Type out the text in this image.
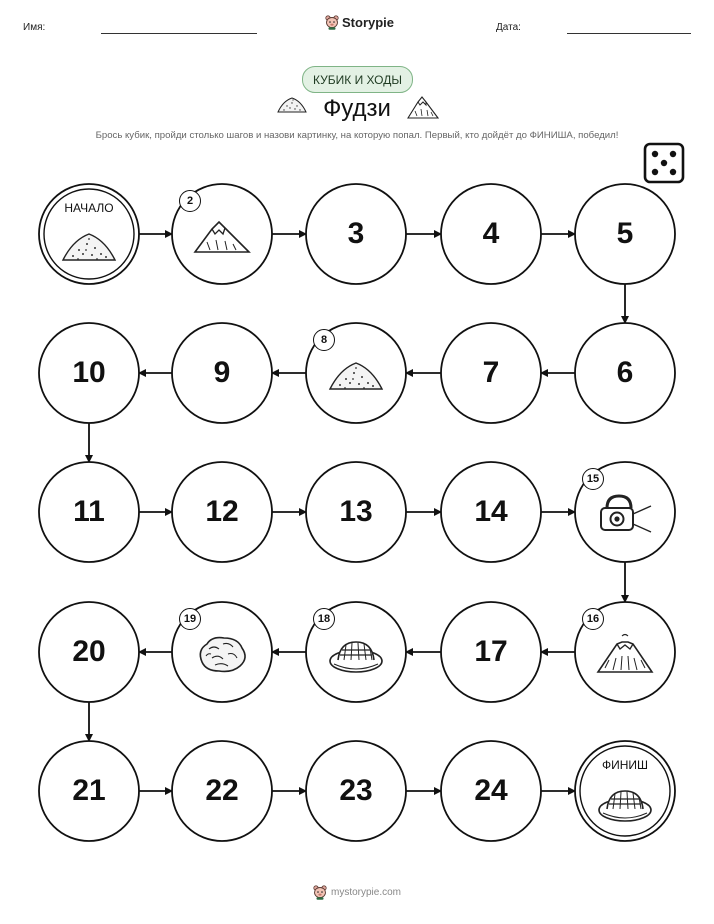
Имя:	Storypie	Дата:
КУБИК И ХОДЫ
Фудзи
Брось кубик, пройди столько шагов и назови картинку, на которую попал. Первый, кто дойдёт до ФИНИША, победил!
НАЧАЛО	2
3	4	5
6
7
8
9
10
11	12	13	14
15
16
17
18
19
20
21	22	23	24
ФИНИШ
mystorypie.com
